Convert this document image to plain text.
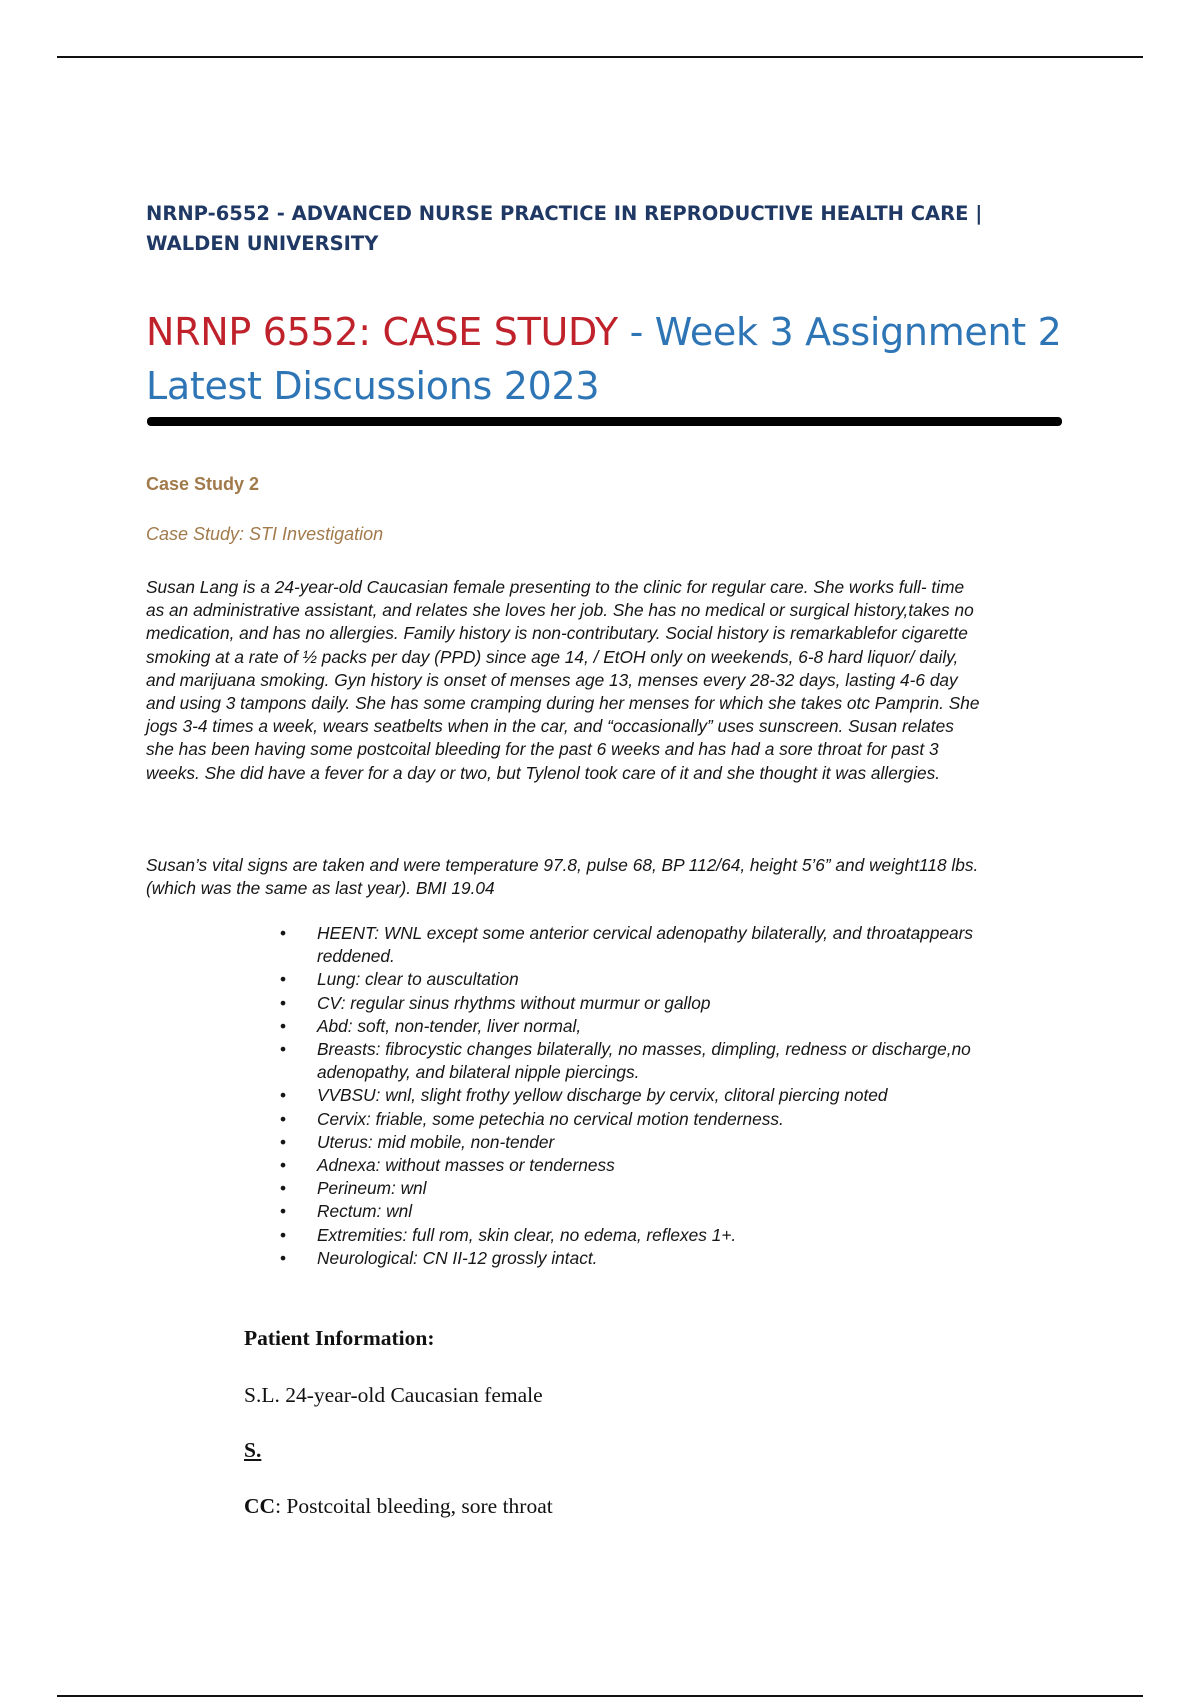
NRNP-6552 - ADVANCED NURSE PRACTICE IN REPRODUCTIVE HEALTH CARE | WALDEN UNIVERSITY
NRNP 6552: CASE STUDY - Week 3 Assignment 2 Latest Discussions 2023
Case Study 2
Case Study: STI Investigation

Susan Lang is a 24-year-old Caucasian female presenting to the clinic for regular care. She works full- time as an administrative assistant, and relates she loves her job. She has no medical or surgical history,takes no medication, and has no allergies. Family history is non-contributary. Social history is remarkablefor cigarette smoking at a rate of ½ packs per day (PPD) since age 14, / EtOH only on weekends, 6-8 hard liquor/ daily, and marijuana smoking. Gyn history is onset of menses age 13, menses every 28-32 days, lasting 4-6 day and using 3 tampons daily. She has some cramping during her menses for which she takes otc Pamprin. She jogs 3-4 times a week, wears seatbelts when in the car, and “occasionally” uses sunscreen. Susan relates she has been having some postcoital bleeding for the past 6 weeks and has had a sore throat for past 3 weeks. She did have a fever for a day or two, but Tylenol took care of it and she thought it was allergies.

Susan’s vital signs are taken and were temperature 97.8, pulse 68, BP 112/64, height 5’6” and weight118 lbs. (which was the same as last year). BMI 19.04

• HEENT: WNL except some anterior cervical adenopathy bilaterally, and throatappears reddened.
• Lung: clear to auscultation
• CV: regular sinus rhythms without murmur or gallop
• Abd: soft, non-tender, liver normal,
• Breasts: fibrocystic changes bilaterally, no masses, dimpling, redness or discharge,no adenopathy, and bilateral nipple piercings.
• VVBSU: wnl, slight frothy yellow discharge by cervix, clitoral piercing noted
• Cervix: friable, some petechia no cervical motion tenderness.
• Uterus: mid mobile, non-tender
• Adnexa: without masses or tenderness
• Perineum: wnl
• Rectum: wnl
• Extremities: full rom, skin clear, no edema, reflexes 1+.
• Neurological: CN II-12 grossly intact.
Patient Information:
S.L. 24-year-old Caucasian female
S.
CC: Postcoital bleeding, sore throat
